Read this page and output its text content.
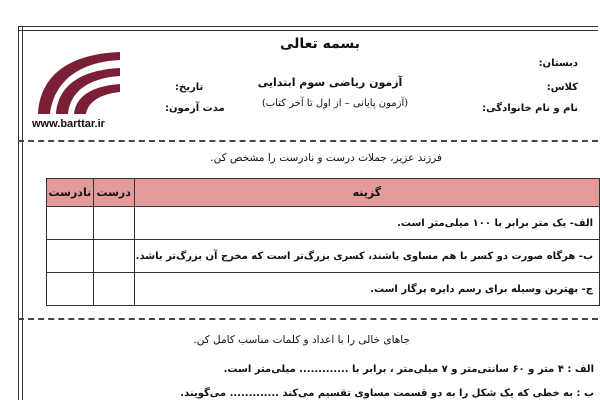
بسمه تعالی
www.barttar.ir
دبستان:
کلاس:
نام و نام خانوادگی:
تاریخ:
مدت آزمون:
آزمون ریاضی سوم ابتدایی
(آزمون پایانی – از اول تا آخر کتاب)
فرزند عزیز، جملات درست و نادرست را مشخص کن.
گزینه	درست	نادرست
الف- یک متر برابر با ۱۰۰ میلی‌متر است.		
ب- هرگاه صورت دو کسر با هم مساوی باشند، کسری بزرگ‌تر است که مخرج آن بزرگ‌تر باشد.		
ج- بهترین وسیله برای رسم دایره پرگار است.		
جاهای خالی را با اعداد و کلمات مناسب کامل کن.
الف : ۴ متر و ۶۰ سانتی‌متر و ۷ میلی‌متر ، برابر با ............. میلی‌متر است.
ب : به خطی که یک شکل را به دو قسمت مساوی تقسیم می‌کند ............. می‌گویند.
